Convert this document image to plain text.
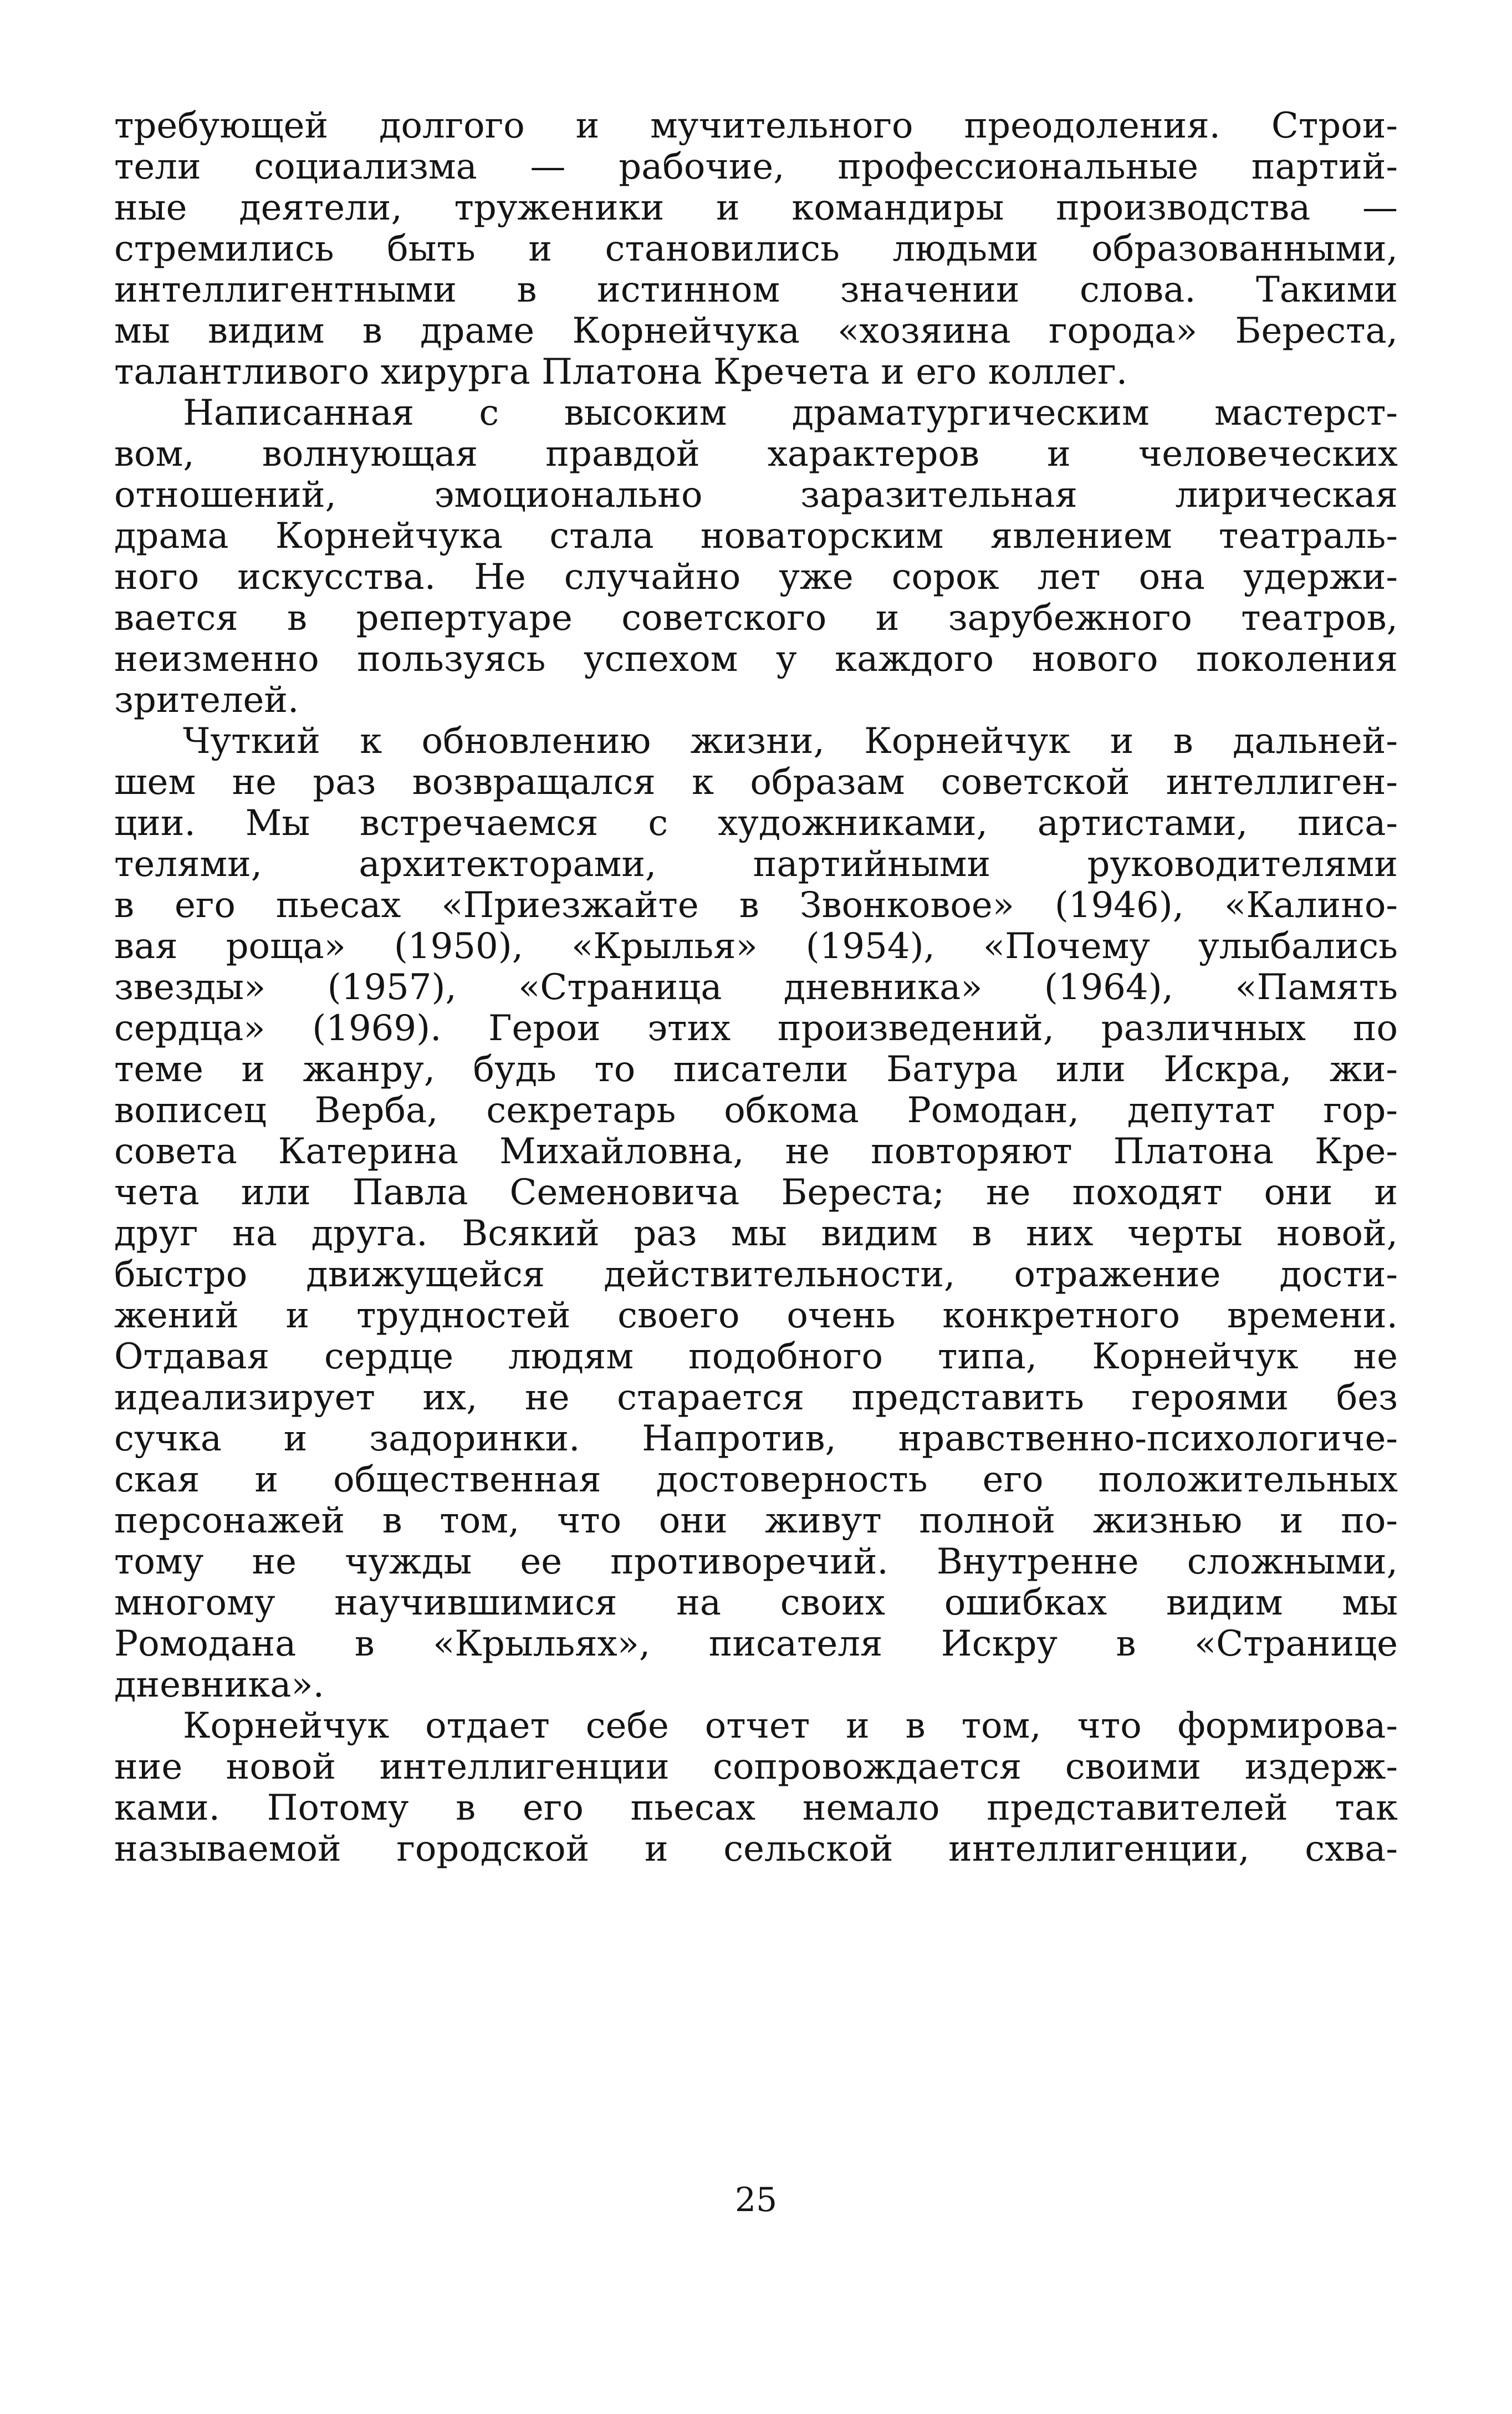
требующей долгого и мучительного преодоления. Строи-
тели социализма — рабочие, профессиональные партий-
ные деятели, труженики и командиры производства —
стремились быть и становились людьми образованными,
интеллигентными в истинном значении слова. Такими
мы видим в драме Корнейчука «хозяина города» Береста,
талантливого хирурга Платона Кречета и его коллег.
Написанная с высоким драматургическим мастерст-
вом, волнующая правдой характеров и человеческих
отношений, эмоционально заразительная лирическая
драма Корнейчука стала новаторским явлением театраль-
ного искусства. Не случайно уже сорок лет она удержи-
вается в репертуаре советского и зарубежного театров,
неизменно пользуясь успехом у каждого нового поколения
зрителей.
Чуткий к обновлению жизни, Корнейчук и в дальней-
шем не раз возвращался к образам советской интеллиген-
ции. Мы встречаемся с художниками, артистами, писа-
телями, архитекторами, партийными руководителями
в его пьесах «Приезжайте в Звонковое» (1946), «Калино-
вая роща» (1950), «Крылья» (1954), «Почему улыбались
звезды» (1957), «Страница дневника» (1964), «Память
сердца» (1969). Герои этих произведений, различных по
теме и жанру, будь то писатели Батура или Искра, жи-
вописец Верба, секретарь обкома Ромодан, депутат гор-
совета Катерина Михайловна, не повторяют Платона Кре-
чета или Павла Семеновича Береста; не походят они и
друг на друга. Всякий раз мы видим в них черты новой,
быстро движущейся действительности, отражение дости-
жений и трудностей своего очень конкретного времени.
Отдавая сердце людям подобного типа, Корнейчук не
идеализирует их, не старается представить героями без
сучка и задоринки. Напротив, нравственно-психологиче-
ская и общественная достоверность его положительных
персонажей в том, что они живут полной жизнью и по-
тому не чужды ее противоречий. Внутренне сложными,
многому научившимися на своих ошибках видим мы
Ромодана в «Крыльях», писателя Искру в «Странице
дневника».
Корнейчук отдает себе отчет и в том, что формирова-
ние новой интеллигенции сопровождается своими издерж-
ками. Потому в его пьесах немало представителей так
называемой городской и сельской интеллигенции, схва-
25
